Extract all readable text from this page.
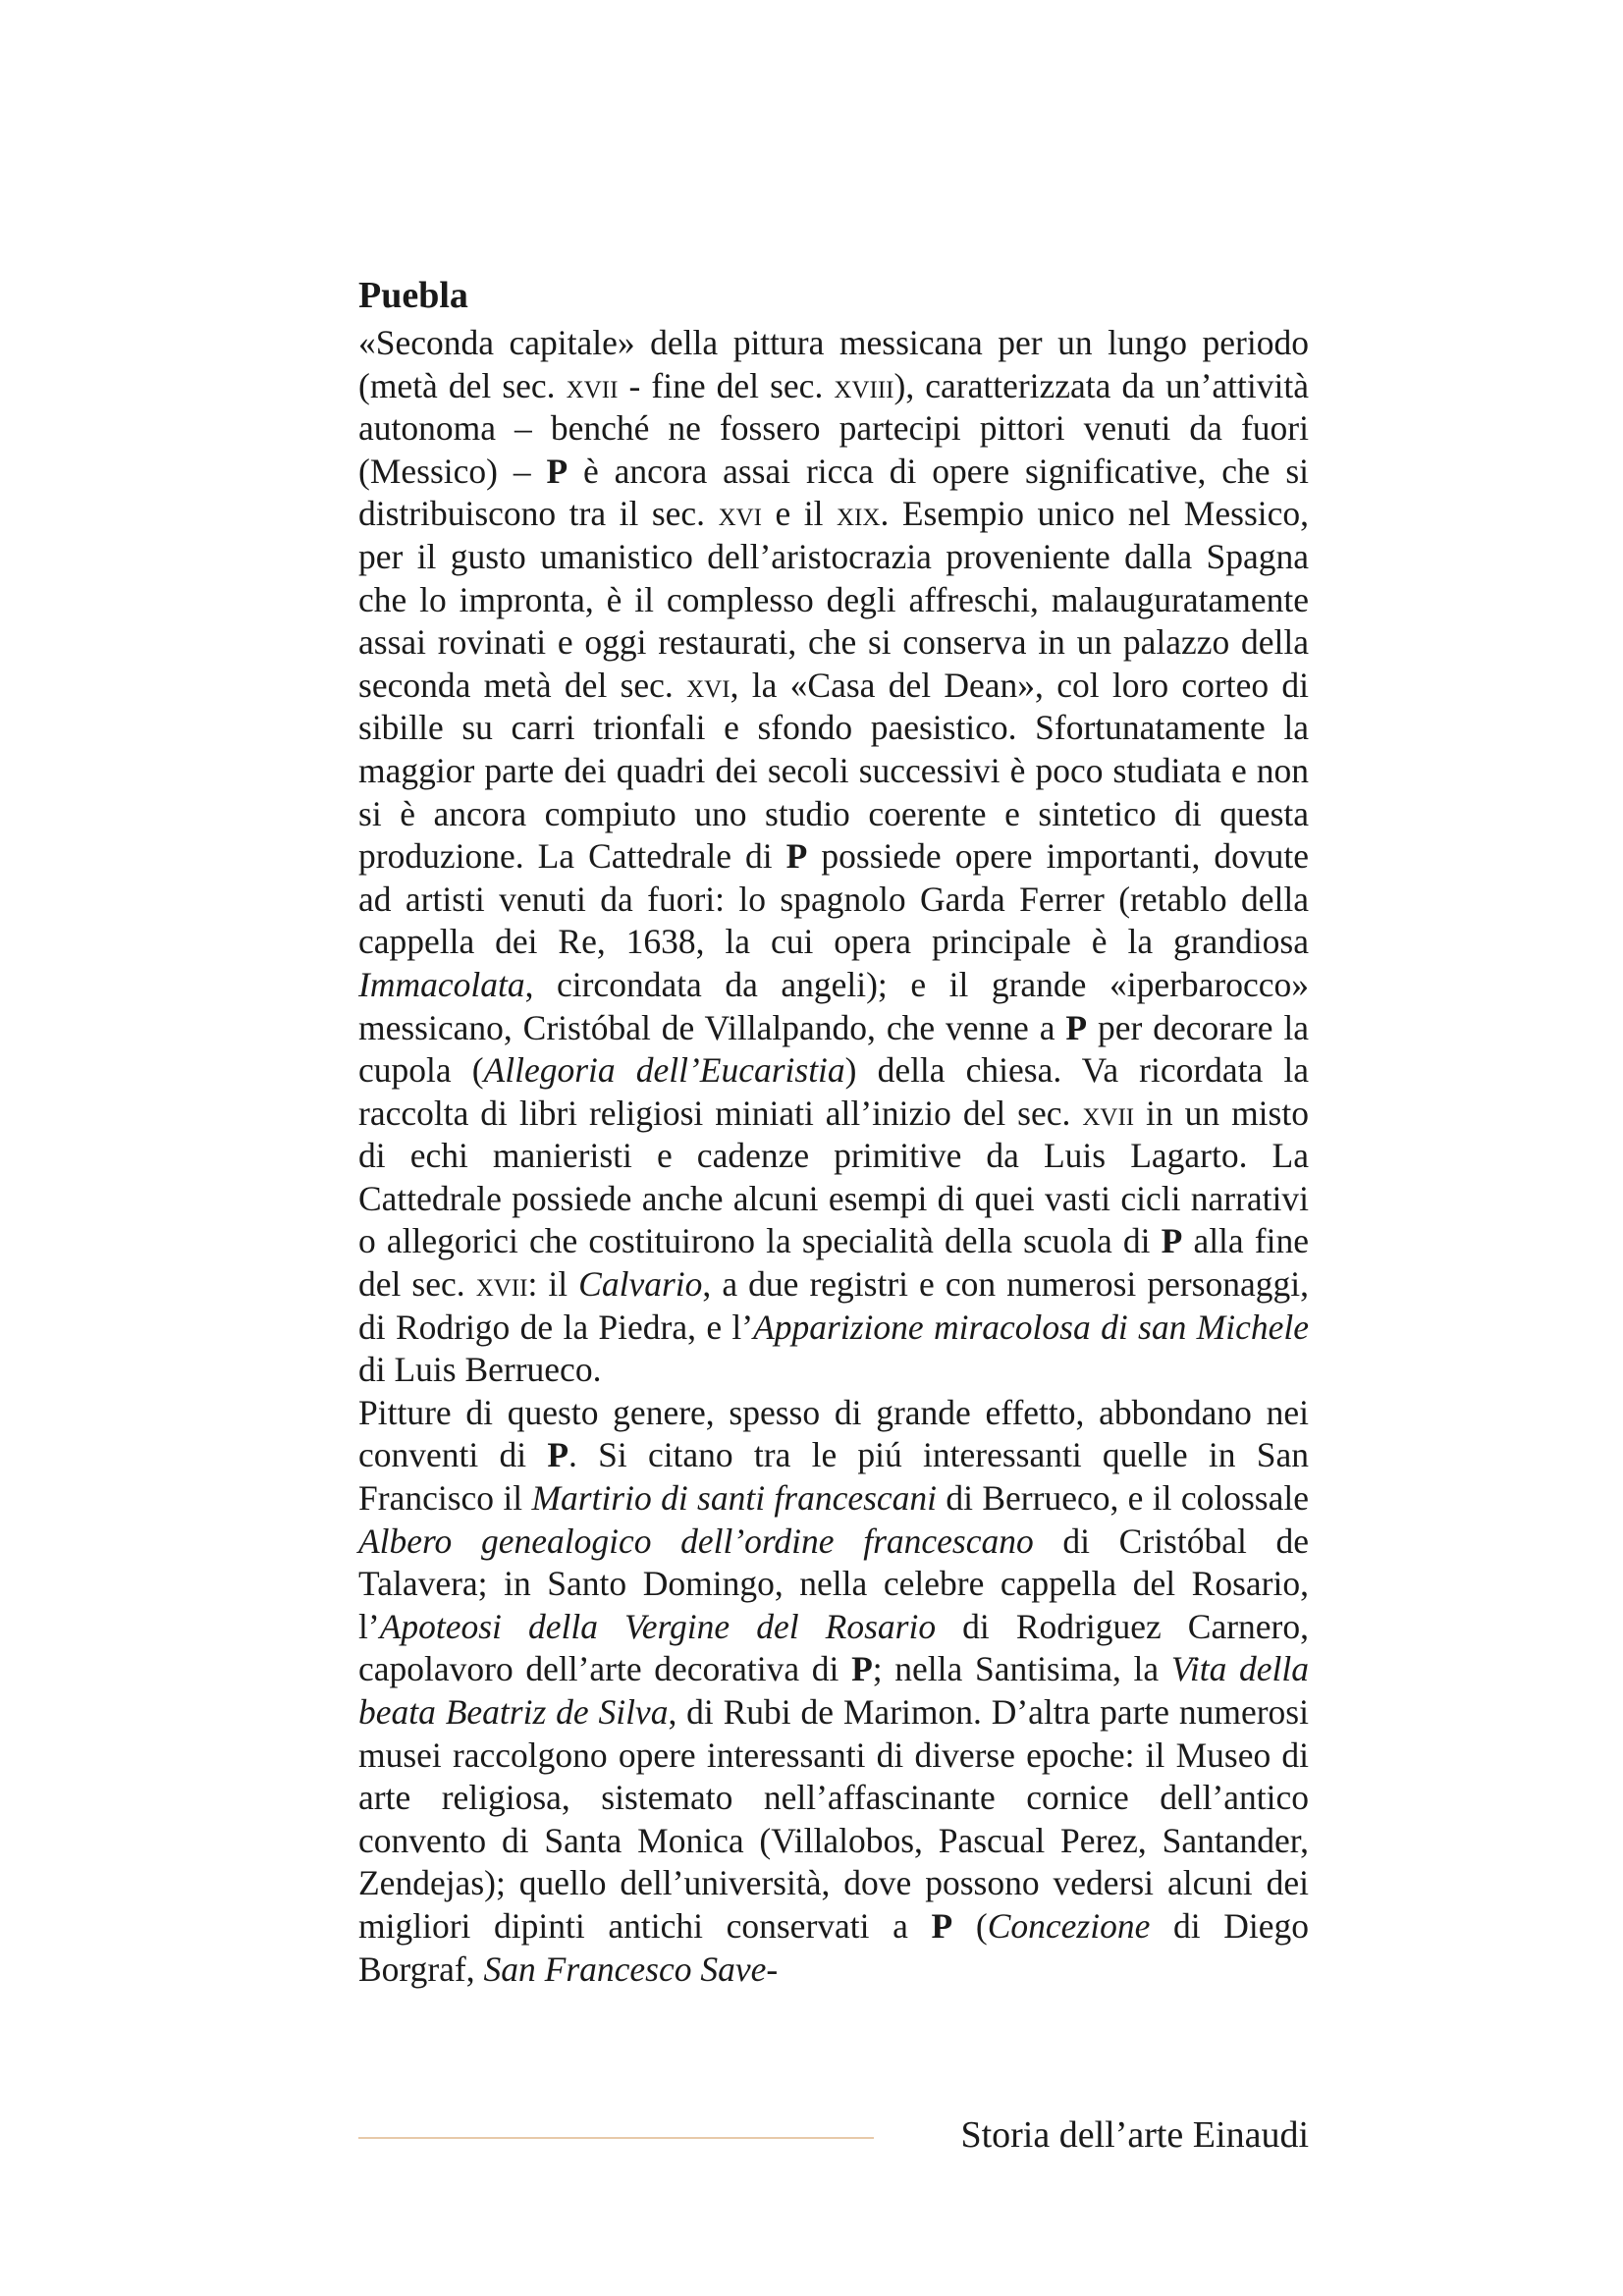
Puebla

«Seconda capitale» della pittura messicana per un lungo periodo (metà del sec. xvii - fine del sec. xviii), caratterizzata da un’attività autonoma – benché ne fossero partecipi pittori venuti da fuori (Messico) – P è ancora assai ricca di opere significative, che si distribuiscono tra il sec. xvi e il xix. Esempio unico nel Messico, per il gusto umanistico dell’aristocrazia proveniente dalla Spagna che lo impronta, è il complesso degli affreschi, malauguratamente assai rovinati e oggi restaurati, che si conserva in un palazzo della seconda metà del sec. xvi, la «Casa del Dean», col loro corteo di sibille su carri trionfali e sfondo paesistico. Sfortunatamente la maggior parte dei quadri dei secoli successivi è poco studiata e non si è ancora compiuto uno studio coerente e sintetico di questa produzione. La Cattedrale di P possiede opere importanti, dovute ad artisti venuti da fuori: lo spagnolo Garda Ferrer (retablo della cappella dei Re, 1638, la cui opera principale è la grandiosa Immacolata, circondata da angeli); e il grande «iperbarocco» messicano, Cristóbal de Villalpando, che venne a P per decorare la cupola (Allegoria dell’Eucaristia) della chiesa. Va ricordata la raccolta di libri religiosi miniati all’inizio del sec. xvii in un misto di echi manieristi e cadenze primitive da Luis Lagarto. La Cattedrale possiede anche alcuni esempi di quei vasti cicli narrativi o allegorici che costituirono la specialità della scuola di P alla fine del sec. xvii: il Calvario, a due registri e con numerosi personaggi, di Rodrigo de la Piedra, e l’Apparizione miracolosa di san Michele di Luis Berrueco.

Pitture di questo genere, spesso di grande effetto, abbondano nei conventi di P. Si citano tra le piú interessanti quelle in San Francisco il Martirio di santi francescani di Berrueco, e il colossale Albero genealogico dell’ordine francescano di Cristóbal de Talavera; in Santo Domingo, nella celebre cappella del Rosario, l’Apoteosi della Vergine del Rosario di Rodriguez Carnero, capolavoro dell’arte decorativa di P; nella Santisima, la Vita della beata Beatriz de Silva, di Rubi de Marimon. D’altra parte numerosi musei raccolgono opere interessanti di diverse epoche: il Museo di arte religiosa, sistemato nell’affascinante cornice dell’antico convento di Santa Monica (Villalobos, Pascual Perez, Santander, Zendejas); quello dell’università, dove possono vedersi alcuni dei migliori dipinti antichi conservati a P (Concezione di Diego Borgraf, San Francesco Save-

Storia dell’arte Einaudi
